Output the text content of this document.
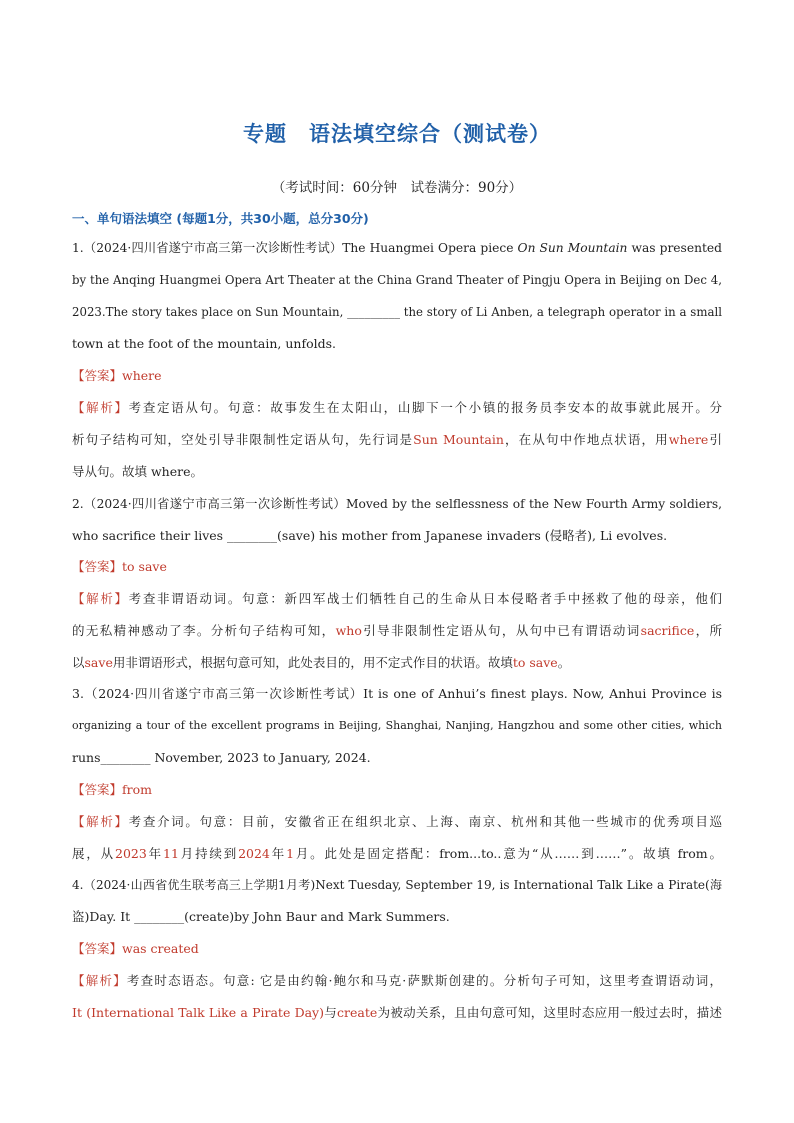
专题　语法填空综合（测试卷）
（考试时间：60分钟　试卷满分：90分）
一、单句语法填空 (每题1分，共30小题，总分30分)
1.（2024·四川省遂宁市高三第一次诊断性考试）The Huangmei Opera piece On Sun Mountain was presented
by the Anqing Huangmei Opera Art Theater at the China Grand Theater of Pingju Opera in Beijing on Dec 4,
2023.The story takes place on Sun Mountain, _________ the story of Li Anben, a telegraph operator in a small
town at the foot of the mountain, unfolds.
【答案】where
【解析】考查定语从句。句意：故事发生在太阳山，山脚下一个小镇的报务员李安本的故事就此展开。分
析句子结构可知，空处引导非限制性定语从句，先行词是Sun Mountain，在从句中作地点状语，用where引
导从句。故填 where。
2.（2024·四川省遂宁市高三第一次诊断性考试）Moved by the selflessness of the New Fourth Army soldiers,
who sacrifice their lives ________(save) his mother from Japanese invaders (侵略者), Li evolves.
【答案】to save
【解析】考查非谓语动词。句意：新四军战士们牺牲自己的生命从日本侵略者手中拯救了他的母亲，他们
的无私精神感动了李。分析句子结构可知，who引导非限制性定语从句，从句中已有谓语动词sacrifice，所
以save用非谓语形式，根据句意可知，此处表目的，用不定式作目的状语。故填to save。
3.（2024·四川省遂宁市高三第一次诊断性考试）It is one of Anhui’s finest plays. Now, Anhui Province is
organizing a tour of the excellent programs in Beijing, Shanghai, Nanjing, Hangzhou and some other cities, which
runs________ November, 2023 to January, 2024.
【答案】from
【解析】考查介词。句意：目前，安徽省正在组织北京、上海、南京、杭州和其他一些城市的优秀项目巡
展，从2023年11月持续到2024年1月。此处是固定搭配：from...to..意为“从……到……”。故填 from。
4.（2024·山西省优生联考高三上学期1月考)Next Tuesday, September 19, is International Talk Like a Pirate(海
盗)Day. It ________(create)by John Baur and Mark Summers.
【答案】was created
【解析】考查时态语态。句意: 它是由约翰·鲍尔和马克·萨默斯创建的。分析句子可知，这里考查谓语动词，
It (International Talk Like a Pirate Day)与create为被动关系，且由句意可知，这里时态应用一般过去时，描述
